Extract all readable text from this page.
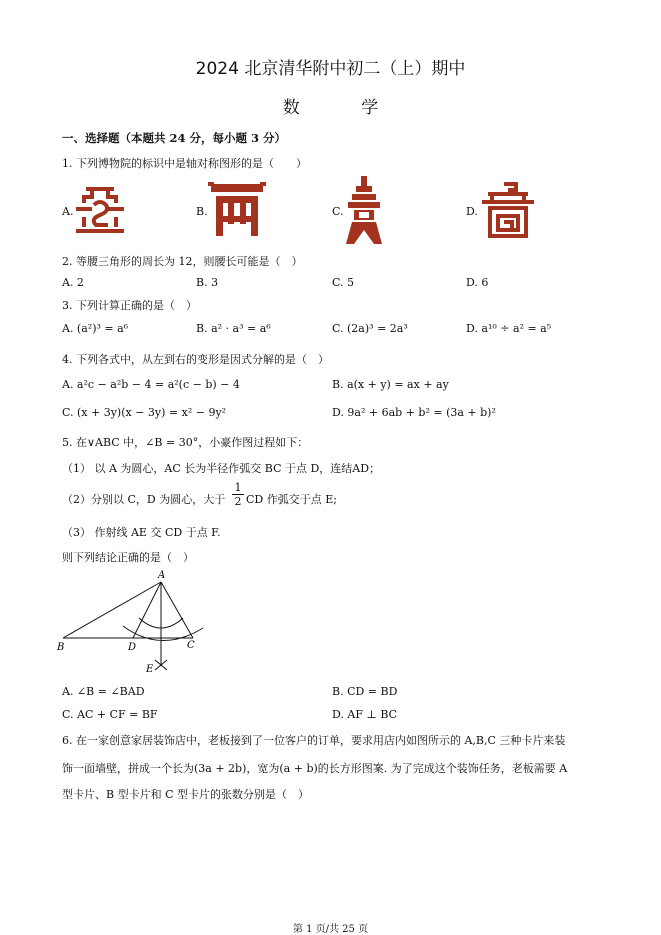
2024 北京清华附中初二（上）期中
数 学
一、选择题（本题共 24 分，每小题 3 分）
1. 下列博物院的标识中是轴对称图形的是（　　）
A.	B.	C.	D.
2. 等腰三角形的周长为 12，则腰长可能是（　）
A. 2	B. 3	C. 5	D. 6
3. 下列计算正确的是（　）
A. (a²)³ = a⁶	B. a² · a³ = a⁶	C. (2a)³ = 2a³	D. a¹⁰ ÷ a² = a⁵
4. 下列各式中，从左到右的变形是因式分解的是（　）
A. a²c − a²b − 4 = a²(c − b) − 4	B. a(x + y) = ax + ay
C. (x + 3y)(x − 3y) = x² − 9y²	D. 9a² + 6ab + b² = (3a + b)²
5. 在∨ABC 中，∠B = 30°，小豪作图过程如下：
（1） 以 A 为圆心，AC 长为半径作弧交 BC 于点 D，连结AD；
（2）分别以 C，D 为圆心，大于 $\frac{1}{2}$ CD 作弧交于点 E;
（3） 作射线 AE 交 CD 于点 F.
则下列结论正确的是（　）
A
B	D	C
E
A. ∠B = ∠BAD	B. CD = BD
C. AC + CF = BF	D. AF ⊥ BC
6. 在一家创意家居装饰店中，老板接到了一位客户的订单，要求用店内如图所示的 A,B,C 三种卡片来装
饰一面墙壁，拼成一个长为(3a + 2b)，宽为(a + b)的长方形图案. 为了完成这个装饰任务，老板需要 A
型卡片、B 型卡片和 C 型卡片的张数分别是（　）
第 1 页/共 25 页
